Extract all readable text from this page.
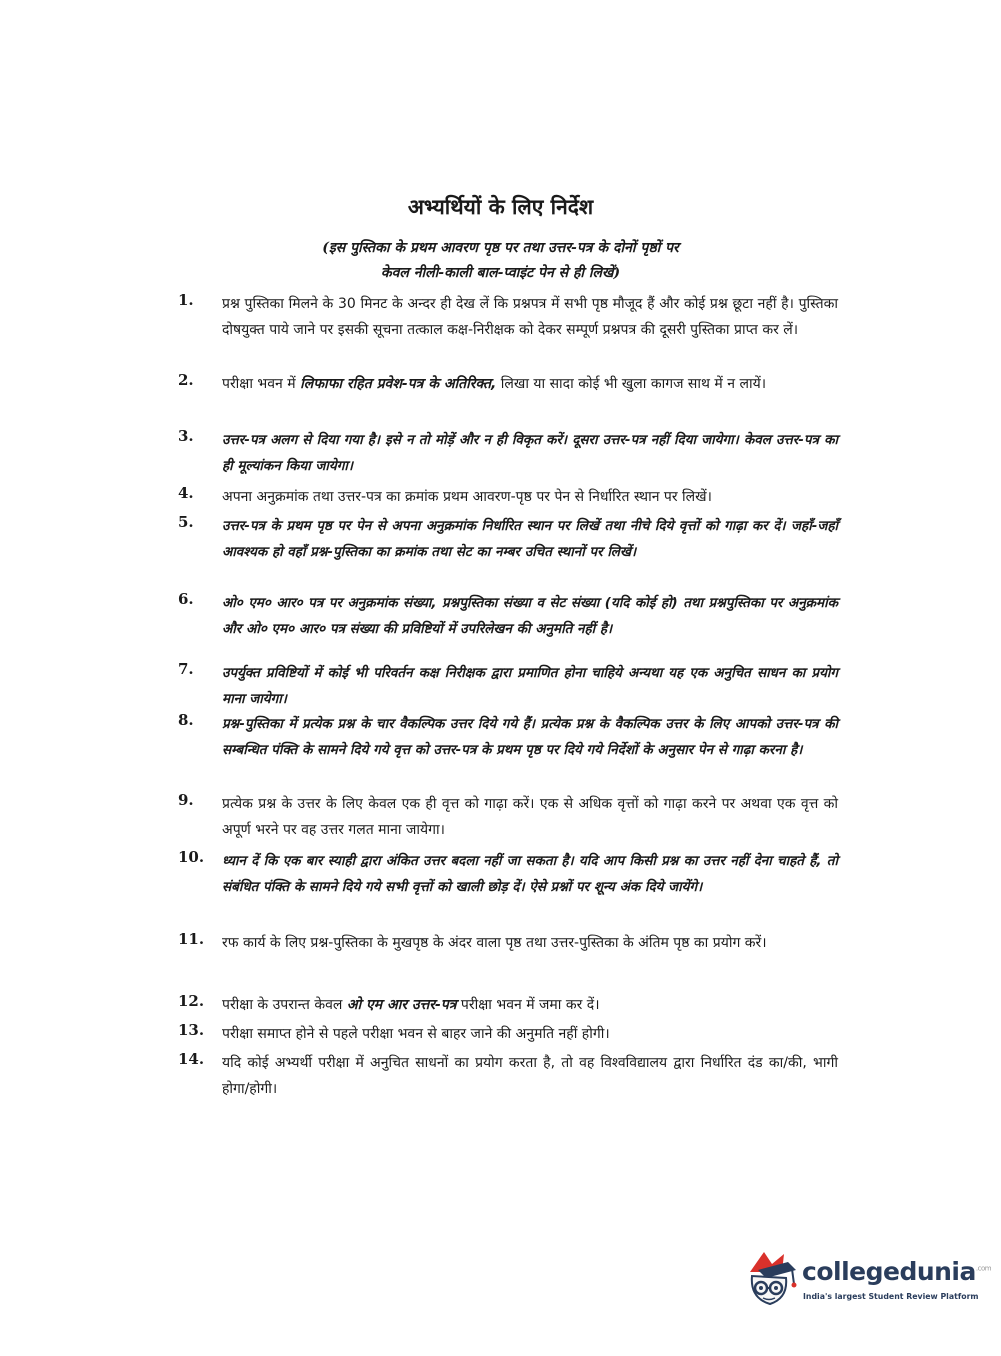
अभ्यर्थियों के लिए निर्देश
(इस पुस्तिका के प्रथम आवरण पृष्ठ पर तथा उत्तर-पत्र के दोनों पृष्ठों पर
केवल नीली-काली बाल-प्वाइंट पेन से ही लिखें)
1.	प्रश्न पुस्तिका मिलने के 30 मिनट के अन्दर ही देख लें कि प्रश्नपत्र में सभी पृष्ठ मौजूद हैं और कोई प्रश्न छूटा नहीं है। पुस्तिका दोषयुक्त पाये जाने पर इसकी सूचना तत्काल कक्ष-निरीक्षक को देकर सम्पूर्ण प्रश्नपत्र की दूसरी पुस्तिका प्राप्त कर लें।
2.	परीक्षा भवन में लिफाफा रहित प्रवेश-पत्र के अतिरिक्त, लिखा या सादा कोई भी खुला कागज साथ में न लायें।
3.	उत्तर-पत्र अलग से दिया गया है। इसे न तो मोड़ें और न ही विकृत करें। दूसरा उत्तर-पत्र नहीं दिया जायेगा। केवल उत्तर-पत्र का ही मूल्यांकन किया जायेगा।
4.	अपना अनुक्रमांक तथा उत्तर-पत्र का क्रमांक प्रथम आवरण-पृष्ठ पर पेन से निर्धारित स्थान पर लिखें।
5.	उत्तर-पत्र के प्रथम पृष्ठ पर पेन से अपना अनुक्रमांक निर्धारित स्थान पर लिखें तथा नीचे दिये वृत्तों को गाढ़ा कर दें। जहाँ-जहाँ आवश्यक हो वहाँ प्रश्न-पुस्तिका का क्रमांक तथा सेट का नम्बर उचित स्थानों पर लिखें।
6.	ओ० एम० आर० पत्र पर अनुक्रमांक संख्या, प्रश्नपुस्तिका संख्या व सेट संख्या (यदि कोई हो) तथा प्रश्नपुस्तिका पर अनुक्रमांक और ओ० एम० आर० पत्र संख्या की प्रविष्टियों में उपरिलेखन की अनुमति नहीं है।
7.	उपर्युक्त प्रविष्टियों में कोई भी परिवर्तन कक्ष निरीक्षक द्वारा प्रमाणित होना चाहिये अन्यथा यह एक अनुचित साधन का प्रयोग माना जायेगा।
8.	प्रश्न-पुस्तिका में प्रत्येक प्रश्न के चार वैकल्पिक उत्तर दिये गये हैं। प्रत्येक प्रश्न के वैकल्पिक उत्तर के लिए आपको उत्तर-पत्र की सम्बन्धित पंक्ति के सामने दिये गये वृत्त को उत्तर-पत्र के प्रथम पृष्ठ पर दिये गये निर्देशों के अनुसार पेन से गाढ़ा करना है।
9.	प्रत्येक प्रश्न के उत्तर के लिए केवल एक ही वृत्त को गाढ़ा करें। एक से अधिक वृत्तों को गाढ़ा करने पर अथवा एक वृत्त को अपूर्ण भरने पर वह उत्तर गलत माना जायेगा।
10.	ध्यान दें कि एक बार स्याही द्वारा अंकित उत्तर बदला नहीं जा सकता है। यदि आप किसी प्रश्न का उत्तर नहीं देना चाहते हैं, तो संबंधित पंक्ति के सामने दिये गये सभी वृत्तों को खाली छोड़ दें। ऐसे प्रश्नों पर शून्य अंक दिये जायेंगे।
11.	रफ कार्य के लिए प्रश्न-पुस्तिका के मुखपृष्ठ के अंदर वाला पृष्ठ तथा उत्तर-पुस्तिका के अंतिम पृष्ठ का प्रयोग करें।
12.	परीक्षा के उपरान्त केवल ओ एम आर उत्तर-पत्र परीक्षा भवन में जमा कर दें।
13.	परीक्षा समाप्त होने से पहले परीक्षा भवन से बाहर जाने की अनुमति नहीं होगी।
14.	यदि कोई अभ्यर्थी परीक्षा में अनुचित साधनों का प्रयोग करता है, तो वह विश्वविद्यालय द्वारा निर्धारित दंड का/की, भागी होगा/होगी।
collegedunia$^{.com}$
India's largest Student Review Platform
